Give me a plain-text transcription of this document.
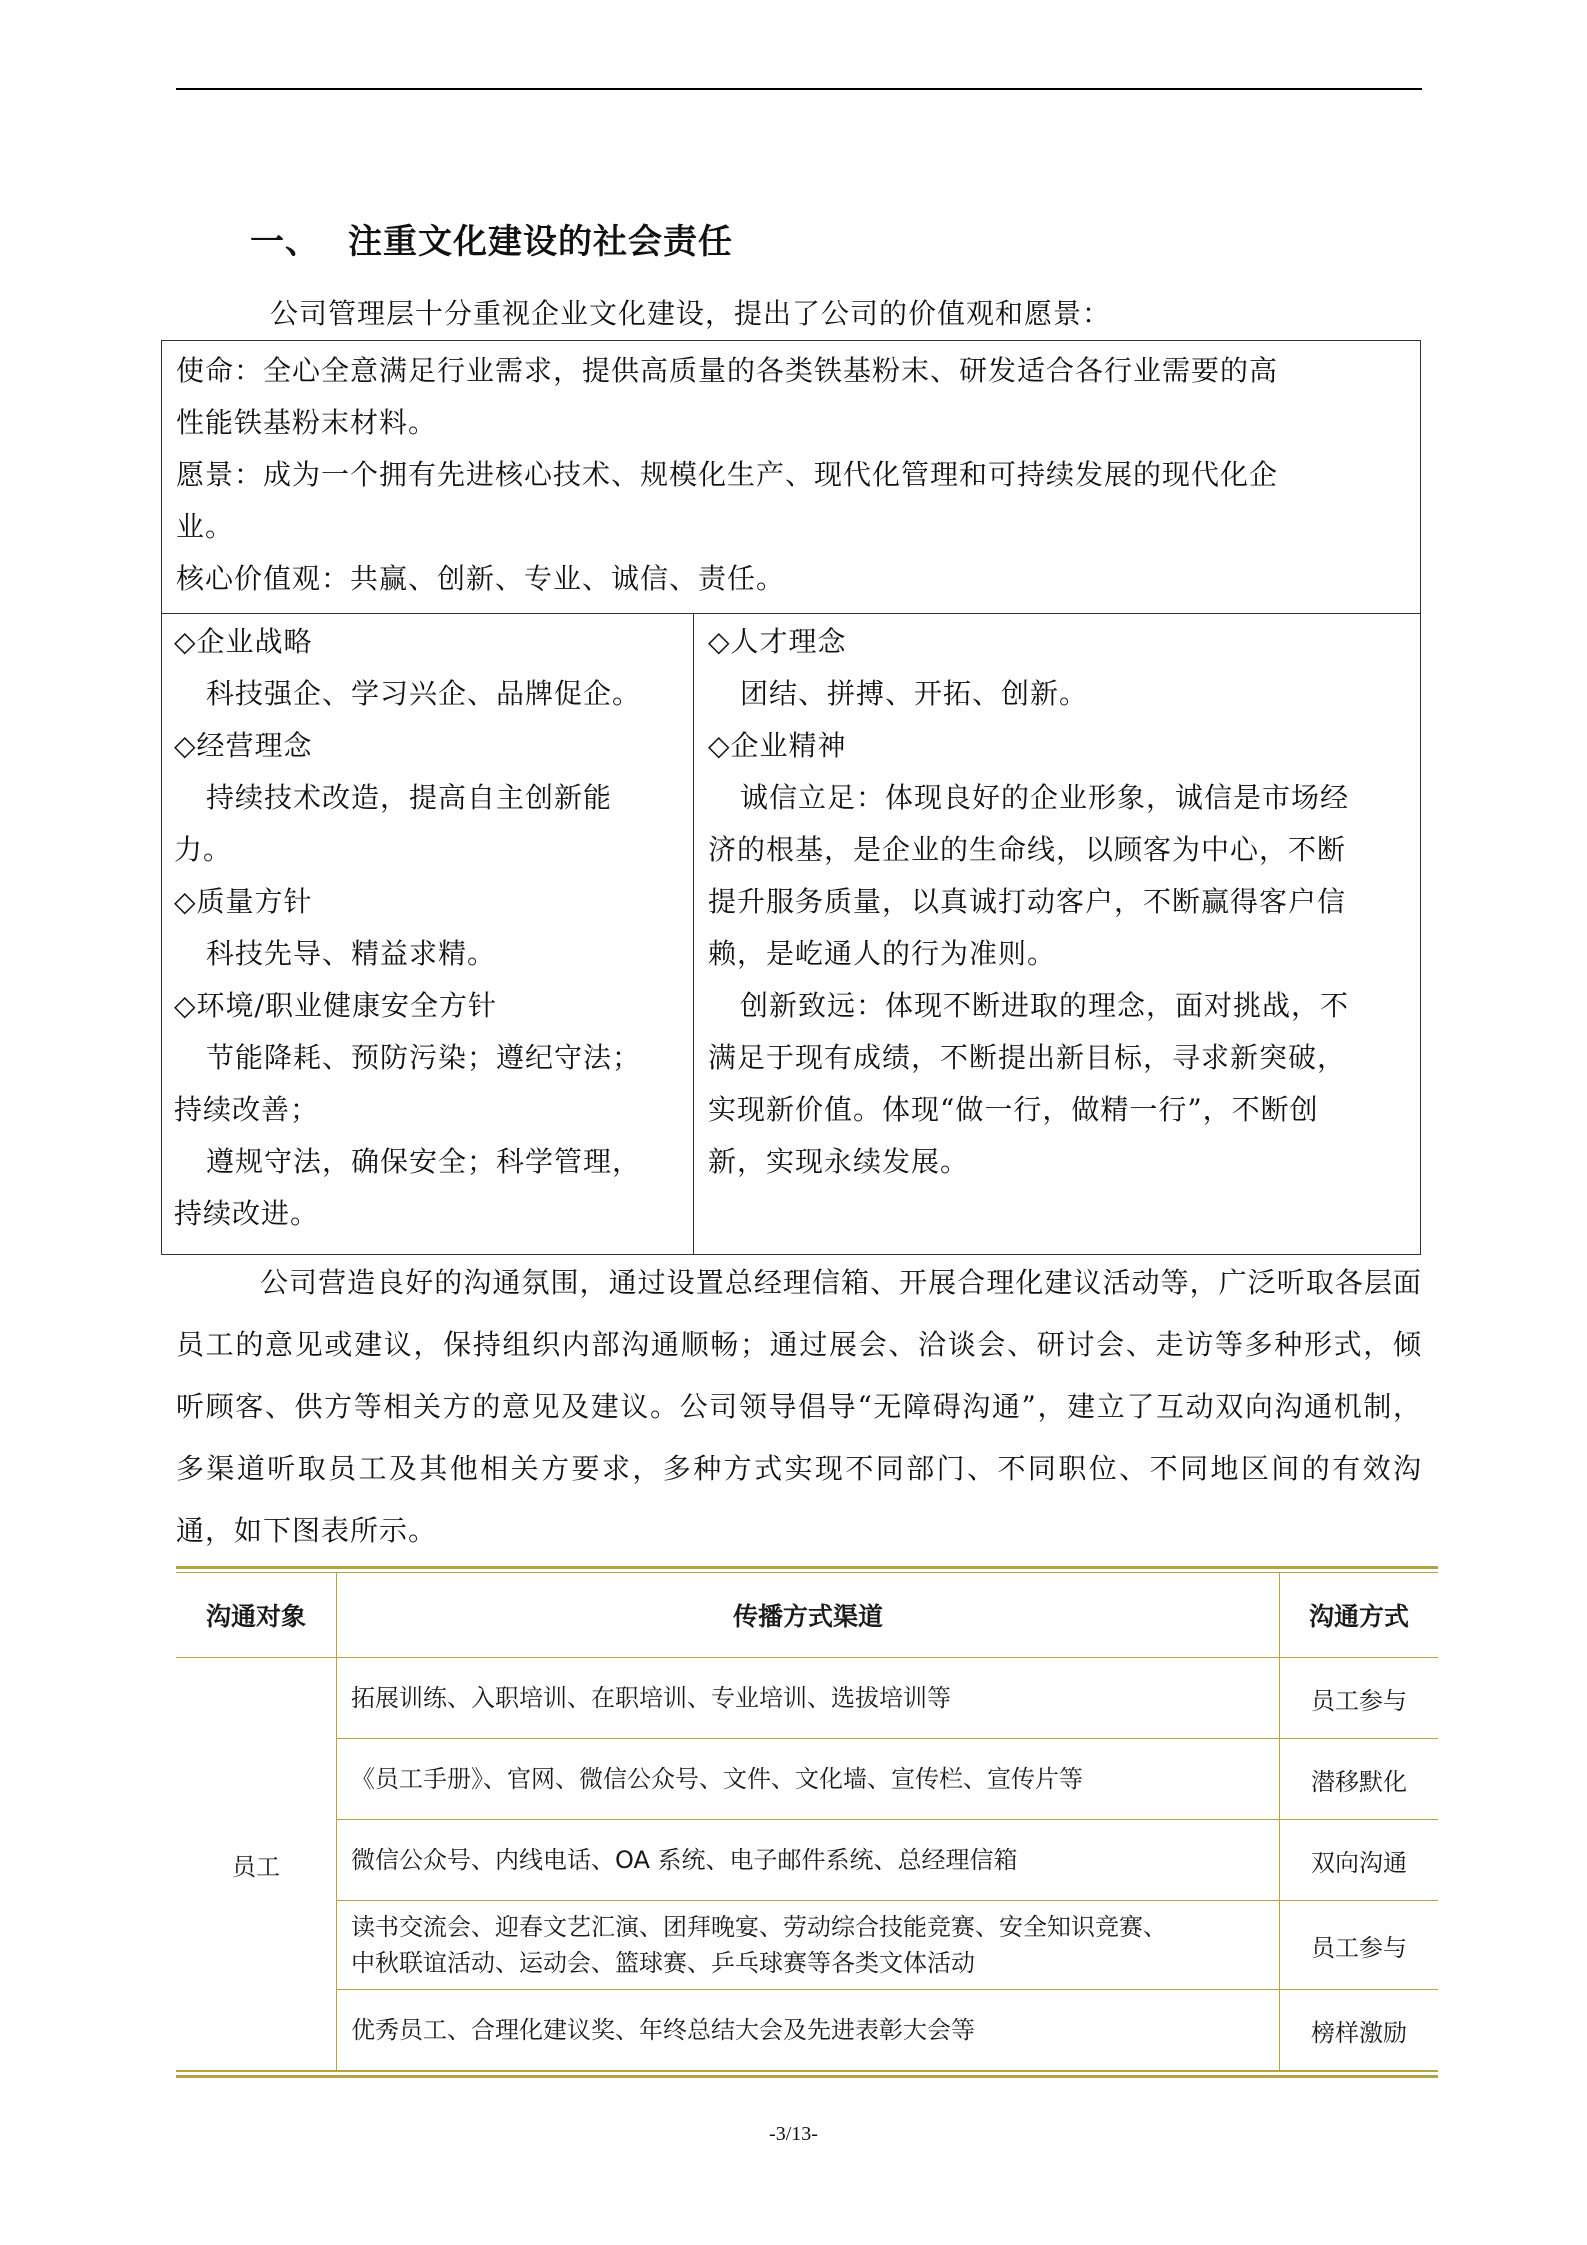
一、 注重文化建设的社会责任
公司管理层十分重视企业文化建设，提出了公司的价值观和愿景：

使命：全心全意满足行业需求，提供高质量的各类铁基粉末、研发适合各行业需要的高

性能铁基粉末材料。

愿景：成为一个拥有先进核心技术、规模化生产、现代化管理和可持续发展的现代化企

业。

核心价值观：共赢、创新、专业、诚信、责任。

◇企业战略

科技强企、学习兴企、品牌促企。

◇经营理念

持续技术改造，提高自主创新能

力。

◇质量方针

科技先导、精益求精。

◇环境/职业健康安全方针

节能降耗、预防污染；遵纪守法；

持续改善；

遵规守法，确保安全；科学管理，

持续改进。

◇人才理念

团结、拼搏、开拓、创新。

◇企业精神

诚信立足：体现良好的企业形象，诚信是市场经

济的根基，是企业的生命线，以顾客为中心，不断

提升服务质量，以真诚打动客户，不断赢得客户信

赖，是屹通人的行为准则。

创新致远：体现不断进取的理念，面对挑战，不

满足于现有成绩，不断提出新目标，寻求新突破，

实现新价值。体现“做一行，做精一行”，不断创

新，实现永续发展。

公司营造良好的沟通氛围，通过设置总经理信箱、开展合理化建议活动等，广泛听取各层面员工的意见或建议，保持组织内部沟通顺畅；通过展会、洽谈会、研讨会、走访等多种形式，倾听顾客、供方等相关方的意见及建议。公司领导倡导“无障碍沟通”，建立了互动双向沟通机制，多渠道听取员工及其他相关方要求，多种方式实现不同部门、不同职位、不同地区间的有效沟通，如下图表所示。

沟通对象	传播方式渠道	沟通方式
员工	拓展训练、入职培训、在职培训、专业培训、选拔培训等	员工参与
	《员工手册》、官网、微信公众号、文件、文化墙、宣传栏、宣传片等	潜移默化
	微信公众号、内线电话、OA 系统、电子邮件系统、总经理信箱	双向沟通

	读书交流会、迎春文艺汇演、团拜晚宴、劳动综合技能竞赛、安全知识竞赛、
中秋联谊活动、运动会、篮球赛、乒乓球赛等各类文体活动	员工参与
	优秀员工、合理化建议奖、年终总结大会及先进表彰大会等	榜样激励
-3/13-
